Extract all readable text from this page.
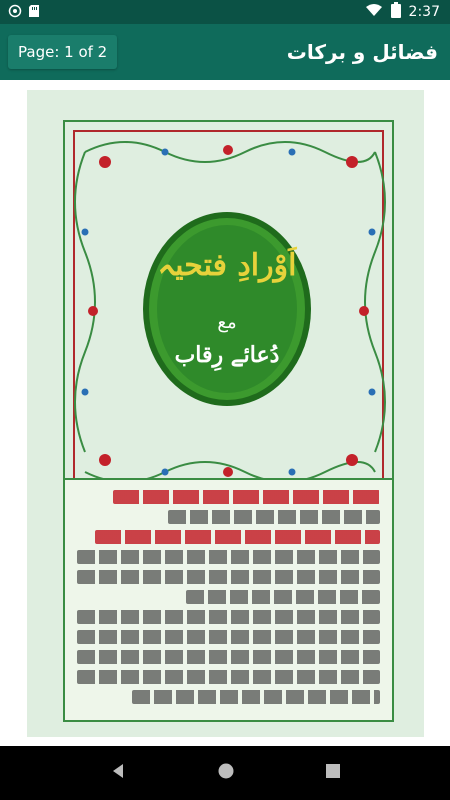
2:37
Page: 1 of 2	فضائل و برکات
اَوْرادِ فتحیہ
مع
دُعائے رِقاب
